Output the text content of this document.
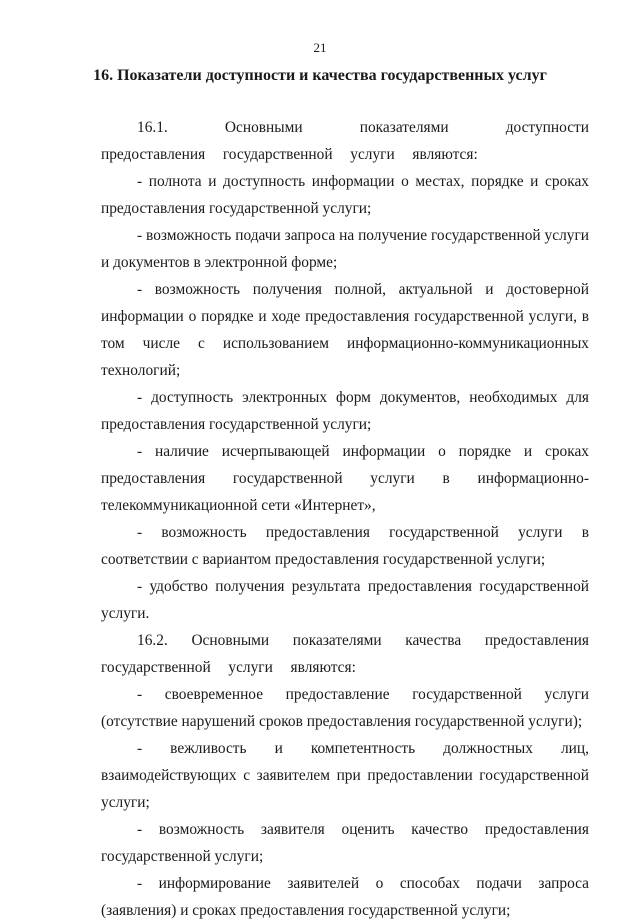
21
16. Показатели доступности и качества государственных услуг

16.1. Основными показателями доступности предоставления государственной услуги являются:

- полнота и доступность информации о местах, порядке и сроках предоставления государственной услуги;

- возможность подачи запроса на получение государственной услуги и документов в электронной форме;

- возможность получения полной, актуальной и достоверной информации о порядке и ходе предоставления государственной услуги, в том числе с использованием информационно-коммуникационных технологий;

- доступность электронных форм документов, необходимых для предоставления государственной услуги;

- наличие исчерпывающей информации о порядке и сроках предоставления государственной услуги в информационно-телекоммуникационной сети «Интернет»,

- возможность предоставления государственной услуги в соответствии с вариантом предоставления государственной услуги;

- удобство получения результата предоставления государственной услуги.

16.2. Основными показателями качества предоставления государственной услуги являются:

- своевременное предоставление государственной услуги (отсутствие нарушений сроков предоставления государственной услуги);

- вежливость и компетентность должностных лиц, взаимодействующих с заявителем при предоставлении государственной услуги;

- возможность заявителя оценить качество предоставления государственной услуги;

- информирование заявителей о способах подачи запроса (заявления) и сроках предоставления государственной услуги;
